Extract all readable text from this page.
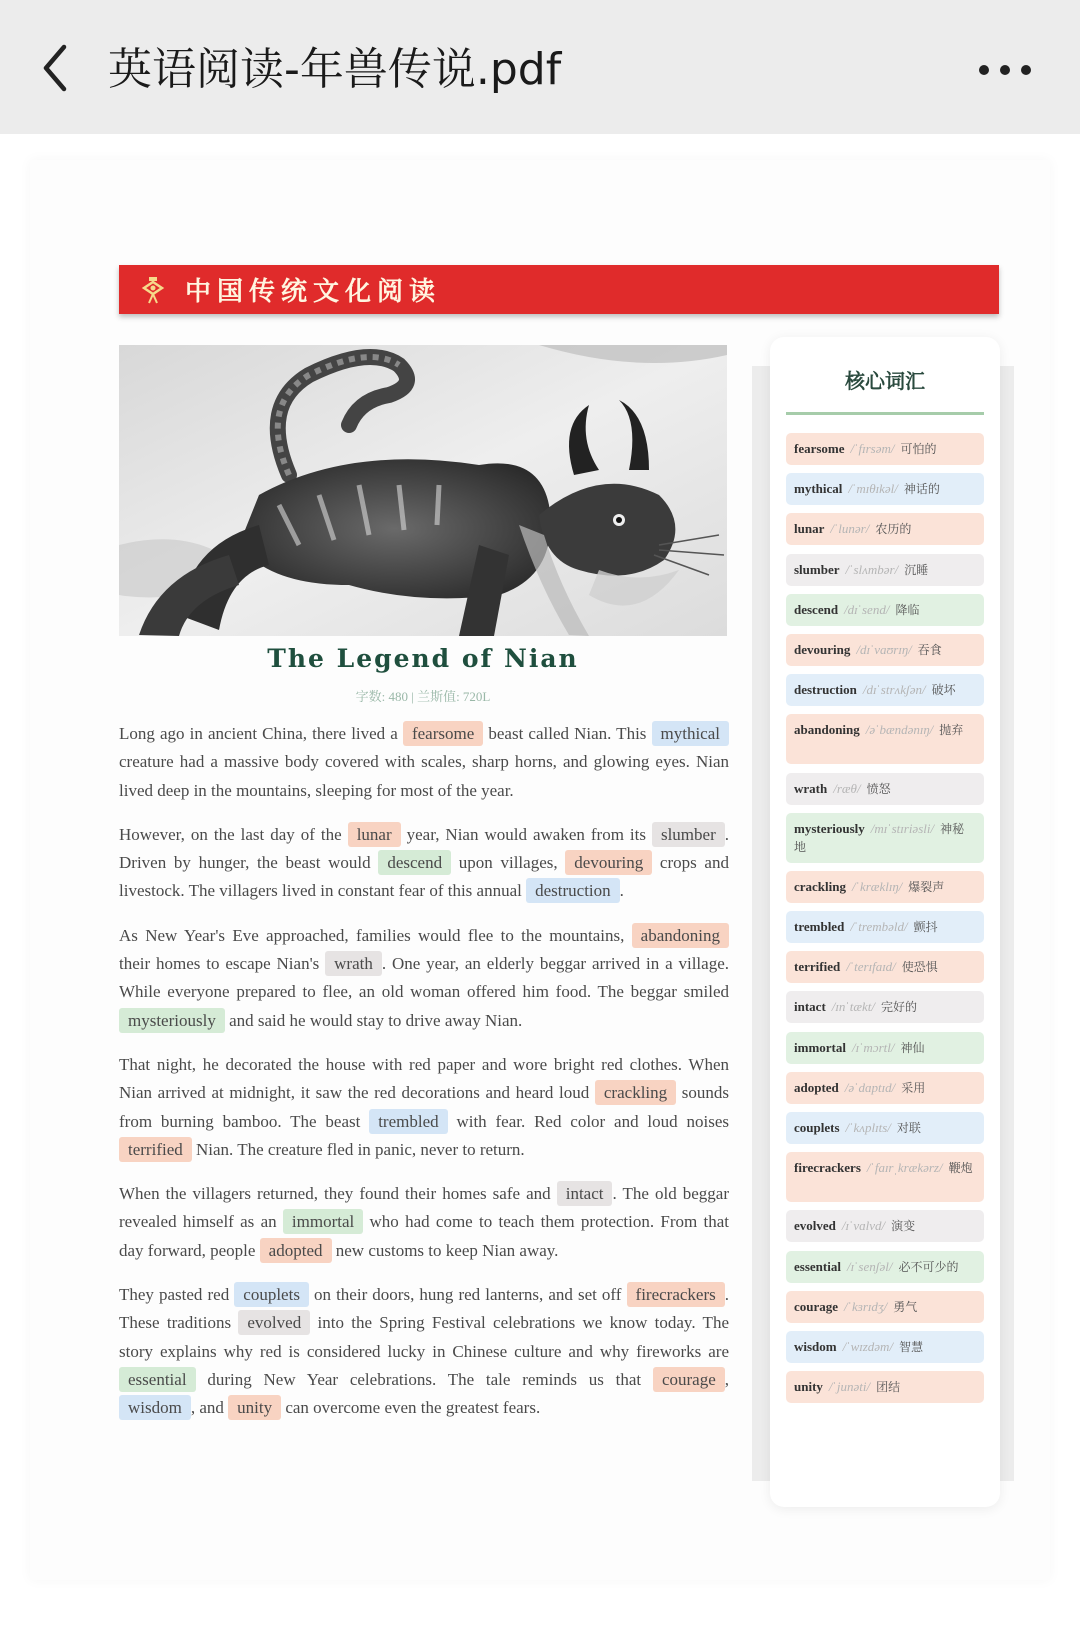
英语阅读-年兽传说.pdf
中国传统文化阅读
The Legend of Nian
字数: 480 | 兰斯值: 720L

Long ago in ancient China, there lived a fearsome beast called Nian. This mythical creature had a massive body covered with scales, sharp horns, and glowing eyes. Nian lived deep in the mountains, sleeping for most of the year.

However, on the last day of the lunar year, Nian would awaken from its slumber . Driven by hunger, the beast would descend upon villages, devouring crops and livestock. The villagers lived in constant fear of this annual destruction .

As New Year's Eve approached, families would flee to the mountains, abandoning their homes to escape Nian's wrath . One year, an elderly beggar arrived in a village. While everyone prepared to flee, an old woman offered him food. The beggar smiled mysteriously and said he would stay to drive away Nian.

That night, he decorated the house with red paper and wore bright red clothes. When Nian arrived at midnight, it saw the red decorations and heard loud crackling sounds from burning bamboo. The beast trembled with fear. Red color and loud noises terrified Nian. The creature fled in panic, never to return.

When the villagers returned, they found their homes safe and intact . The old beggar revealed himself as an immortal who had come to teach them protection. From that day forward, people adopted new customs to keep Nian away.

They pasted red couplets on their doors, hung red lanterns, and set off firecrackers . These traditions evolved into the Spring Festival celebrations we know today. The story explains why red is considered lucky in Chinese culture and why fireworks are essential during New Year celebrations. The tale reminds us that courage , wisdom , and unity can overcome even the greatest fears.

核心词汇
fearsome /ˈfɪrsəm/ 可怕的
mythical /ˈmɪθɪkəl/ 神话的
lunar /ˈlunər/ 农历的
slumber /ˈslʌmbər/ 沉睡
descend /dɪˈsend/ 降临
devouring /dɪˈvaʊrɪŋ/ 吞食
destruction /dɪˈstrʌkʃən/ 破坏
abandoning /əˈbændənɪŋ/ 抛弃
wrath /ræθ/ 愤怒
mysteriously /mɪˈstɪriəsli/ 神秘地
crackling /ˈkræklɪŋ/ 爆裂声
trembled /ˈtrembəld/ 颤抖
terrified /ˈterɪfaɪd/ 使恐惧
intact /ɪnˈtækt/ 完好的
immortal /ɪˈmɔrtl/ 神仙
adopted /əˈdɑptɪd/ 采用
couplets /ˈkʌplɪts/ 对联
firecrackers /ˈfaɪrˌkrækərz/ 鞭炮
evolved /ɪˈvɑlvd/ 演变
essential /ɪˈsenʃəl/ 必不可少的
courage /ˈkɜrɪdʒ/ 勇气
wisdom /ˈwɪzdəm/ 智慧
unity /ˈjunəti/ 团结
